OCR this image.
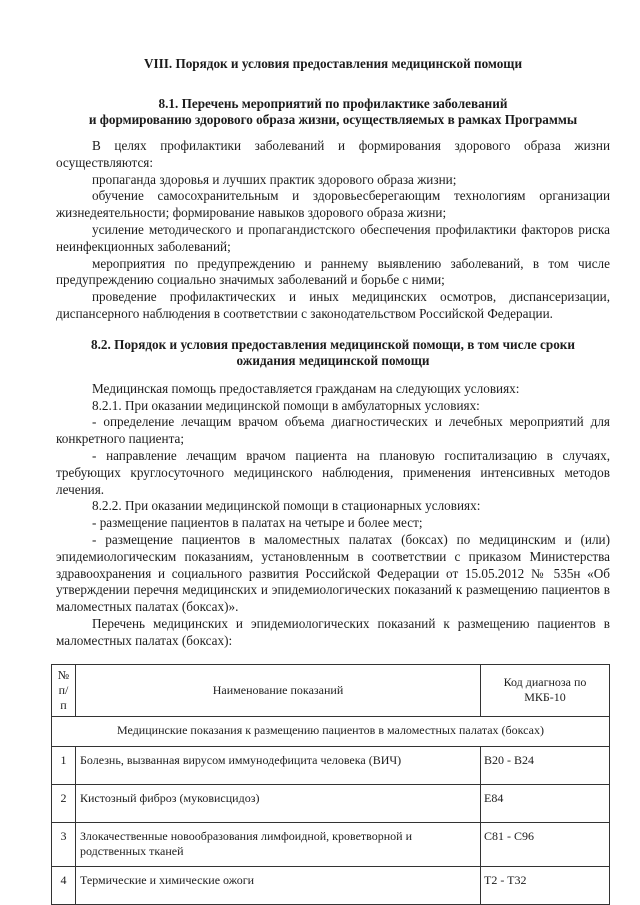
VIII. Порядок и условия предоставления медицинской помощи
8.1. Перечень мероприятий по профилактике заболеваний
и формированию здорового образа жизни, осуществляемых в рамках Программы

В целях профилактики заболеваний и формирования здорового образа жизни осуществляются:

пропаганда здоровья и лучших практик здорового образа жизни;

обучение самосохранительным и здоровьесберегающим технологиям организации жизнедеятельности; формирование навыков здорового образа жизни;

усиление методического и пропагандистского обеспечения профилактики факторов риска неинфекционных заболеваний;

мероприятия по предупреждению и раннему выявлению заболеваний, в том числе предупреждению социально значимых заболеваний и борьбе с ними;

проведение профилактических и иных медицинских осмотров, диспансеризации, диспансерного наблюдения в соответствии с законодательством Российской Федерации.

8.2. Порядок и условия предоставления медицинской помощи, в том числе сроки
ожидания медицинской помощи

Медицинская помощь предоставляется гражданам на следующих условиях:

8.2.1. При оказании медицинской помощи в амбулаторных условиях:

- определение лечащим врачом объема диагностических и лечебных мероприятий для конкретного пациента;

- направление лечащим врачом пациента на плановую госпитализацию в случаях, требующих круглосуточного медицинского наблюдения, применения интенсивных методов лечения.

8.2.2. При оказании медицинской помощи в стационарных условиях:

- размещение пациентов в палатах на четыре и более мест;

- размещение пациентов в маломестных палатах (боксах) по медицинским и (или) эпидемиологическим показаниям, установленным в соответствии с приказом Министерства здравоохранения и социального развития Российской Федерации от 15.05.2012 № 535н «Об утверждении перечня медицинских и эпидемиологических показаний к размещению пациентов в маломестных палатах (боксах)».

Перечень медицинских и эпидемиологических показаний к размещению пациентов в маломестных палатах (боксах):

№ п/п	Наименование показаний	Код диагноза по МКБ-10
Медицинские показания к размещению пациентов в маломестных палатах (боксах)		
1	Болезнь, вызванная вирусом иммунодефицита человека (ВИЧ)	B20 - B24
2	Кистозный фиброз (муковисцидоз)	E84
3	Злокачественные новообразования лимфоидной, кроветворной и родственных тканей	C81 - C96
4	Термические и химические ожоги	T2 - T32
